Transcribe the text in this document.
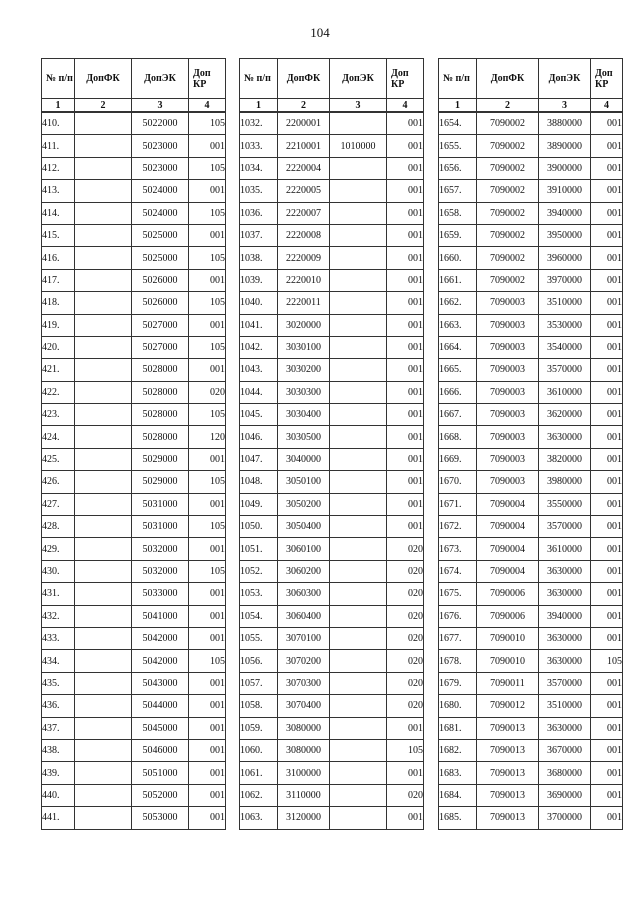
104
№ п/п	ДопФК	ДопЭК	Доп КР
1	2	3	4
410.		5022000	105
411.		5023000	001
412.		5023000	105
413.		5024000	001
414.		5024000	105
415.		5025000	001
416.		5025000	105
417.		5026000	001
418.		5026000	105
419.		5027000	001
420.		5027000	105
421.		5028000	001
422.		5028000	020
423.		5028000	105
424.		5028000	120
425.		5029000	001
426.		5029000	105
427.		5031000	001
428.		5031000	105
429.		5032000	001
430.		5032000	105
431.		5033000	001
432.		5041000	001
433.		5042000	001
434.		5042000	105
435.		5043000	001
436.		5044000	001
437.		5045000	001
438.		5046000	001
439.		5051000	001
440.		5052000	001
441.		5053000	001
№ п/п	ДопФК	ДопЭК	Доп КР
1	2	3	4
1032.	2200001		001
1033.	2210001	1010000	001
1034.	2220004		001
1035.	2220005		001
1036.	2220007		001
1037.	2220008		001
1038.	2220009		001
1039.	2220010		001
1040.	2220011		001
1041.	3020000		001
1042.	3030100		001
1043.	3030200		001
1044.	3030300		001
1045.	3030400		001
1046.	3030500		001
1047.	3040000		001
1048.	3050100		001
1049.	3050200		001
1050.	3050400		001
1051.	3060100		020
1052.	3060200		020
1053.	3060300		020
1054.	3060400		020
1055.	3070100		020
1056.	3070200		020
1057.	3070300		020
1058.	3070400		020
1059.	3080000		001
1060.	3080000		105
1061.	3100000		001
1062.	3110000		020
1063.	3120000		001
№ п/п	ДопФК	ДопЭК	Доп КР
1	2	3	4
1654.	7090002	3880000	001
1655.	7090002	3890000	001
1656.	7090002	3900000	001
1657.	7090002	3910000	001
1658.	7090002	3940000	001
1659.	7090002	3950000	001
1660.	7090002	3960000	001
1661.	7090002	3970000	001
1662.	7090003	3510000	001
1663.	7090003	3530000	001
1664.	7090003	3540000	001
1665.	7090003	3570000	001
1666.	7090003	3610000	001
1667.	7090003	3620000	001
1668.	7090003	3630000	001
1669.	7090003	3820000	001
1670.	7090003	3980000	001
1671.	7090004	3550000	001
1672.	7090004	3570000	001
1673.	7090004	3610000	001
1674.	7090004	3630000	001
1675.	7090006	3630000	001
1676.	7090006	3940000	001
1677.	7090010	3630000	001
1678.	7090010	3630000	105
1679.	7090011	3570000	001
1680.	7090012	3510000	001
1681.	7090013	3630000	001
1682.	7090013	3670000	001
1683.	7090013	3680000	001
1684.	7090013	3690000	001
1685.	7090013	3700000	001
